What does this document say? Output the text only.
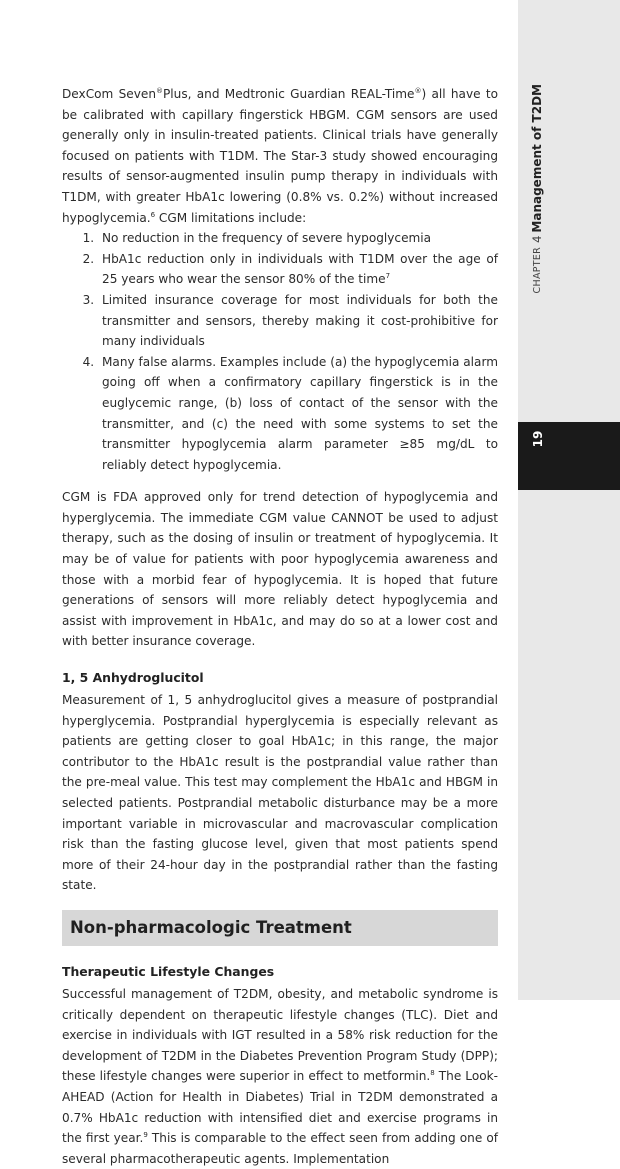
CHAPTER
4
Management of T2DM
19

DexCom Seven®Plus, and Medtronic Guardian REAL-Time®) all have to be calibrated with capillary fingerstick HBGM. CGM sensors are used generally only in insulin-treated patients. Clinical trials have generally focused on patients with T1DM. The Star-3 study showed encouraging results of sensor-augmented insulin pump therapy in individuals with T1DM, with greater HbA1c lowering (0.8% vs. 0.2%) without increased hypoglycemia.$^6$ CGM limitations include:

1. No reduction in the frequency of severe hypoglycemia
2. HbA1c reduction only in individuals with T1DM over the age of 25 years who wear the sensor 80% of the time$^7$
3. Limited insurance coverage for most individuals for both the transmitter and sensors, thereby making it cost-prohibitive for many individuals
4. Many false alarms. Examples include (a) the hypoglycemia alarm going off when a confirmatory capillary fingerstick is in the euglycemic range, (b) loss of contact of the sensor with the transmitter, and (c) the need with some systems to set the transmitter hypoglycemia alarm parameter ≥85 mg/dL to reliably detect hypoglycemia.

CGM is FDA approved only for trend detection of hypoglycemia and hyperglycemia. The immediate CGM value CANNOT be used to adjust therapy, such as the dosing of insulin or treatment of hypoglycemia. It may be of value for patients with poor hypoglycemia awareness and those with a morbid fear of hypoglycemia. It is hoped that future generations of sensors will more reliably detect hypoglycemia and assist with improvement in HbA1c, and may do so at a lower cost and with better insurance coverage.

1, 5 Anhydroglucitol

Measurement of 1, 5 anhydroglucitol gives a measure of postprandial hyperglycemia. Postprandial hyperglycemia is especially relevant as patients are getting closer to goal HbA1c; in this range, the major contributor to the HbA1c result is the postprandial value rather than the pre-meal value. This test may complement the HbA1c and HBGM in selected patients. Postprandial metabolic disturbance may be a more important variable in microvascular and macrovascular complication risk than the fasting glucose level, given that most patients spend more of their 24-hour day in the postprandial rather than the fasting state.

Non-pharmacologic Treatment
Therapeutic Lifestyle Changes

Successful management of T2DM, obesity, and metabolic syndrome is critically dependent on therapeutic lifestyle changes (TLC). Diet and exercise in individuals with IGT resulted in a 58% risk reduction for the development of T2DM in the Diabetes Prevention Program Study (DPP); these lifestyle changes were superior in effect to metformin.$^8$ The Look-AHEAD (Action for Health in Diabetes) Trial in T2DM demonstrated a 0.7% HbA1c reduction with intensified diet and exercise programs in the first year.$^9$ This is comparable to the effect seen from adding one of several pharmacotherapeutic agents. Implementation
